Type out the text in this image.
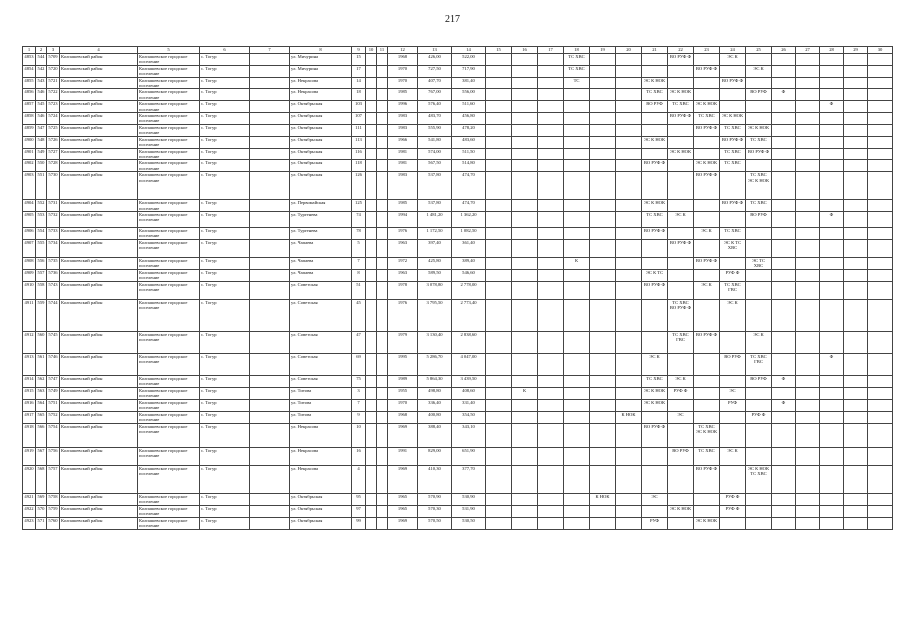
217
1	2	3	4	5	6	7	8	9	10	11	12	13	14	15	16	17	18	19	20	21	22	23	24	25	26	27	28	29	30
4853	544	5709	Колпашевский район	Колпашевское городское поселение	с. Тогур		ул. Мичурина	15			1968	426,00	522,00				ТС ХВС				ВО РУФ Ф		ЭС К						
4854	542	5720	Колпашевский район	Колпашевское городское поселение	с. Тогур		ул. Мичурина	17			1970	727,50	717,90				ТС ХВС					ВО РУФ Ф		ЭС К					
4855	543	5721	Колпашевский район	Колпашевское городское поселение	с. Тогур		ул. Некрасова	14			1970	407,70	381,40				ТС			ЭС К НОК			ВО РУФ Ф						
4856	546	5722	Колпашевский район	Колпашевское городское поселение	с. Тогур		ул. Некрасова	18			1985	767,00	556,00							ТС ХВС	ЭС К НОК			ВО РУФ	Ф				
4857	545	5723	Колпашевский район	Колпашевское городское поселение	с. Тогур		ул. Октябрьская	103			1996	576,40	511,60							ВО РУФ	ТС ХВС	ЭС К НОК					Ф		
4858	546	5724	Колпашевский район	Колпашевское городское поселение	с. Тогур		ул. Октябрьская	107			1983	483,70	456,80								ВО РУФ Ф	ТС ХВС	ЭС К НОК						
4859	547	5725	Колпашевский район	Колпашевское городское поселение	с. Тогур		ул. Октябрьская	111			1983	555,90	478,20									ВО РУФ Ф	ТС ХВС	ЭС К НОК					
4900	548	5726	Колпашевский район	Колпашевское городское поселение	с. Тогур		ул. Октябрьская	113			1966	541,80	483,60							ЭС К НОК			ВО РУФ Ф	ТС ХВС					
4901	549	5727	Колпашевский район	Колпашевское городское поселение	с. Тогур		ул. Октябрьская	116			1981	574,00	511,50								ЭС К НОК		ТС ХВС	ВО РУФ Ф					
4902	550	5728	Колпашевский район	Колпашевское городское поселение	с. Тогур		ул. Октябрьская	118			1981	567,50	514,80							ВО РУФ Ф		ЭС К НОК	ТС ХВС						
4903	551	5730	Колпашевский район	Колпашевское городское поселение	с. Тогур		ул. Октябрьская	126			1983	537,80	474,70									ВО РУФ Ф		ТС ХВС ЭС К НОК					
4904	552	5731	Колпашевский район	Колпашевское городское поселение	с. Тогур		ул. Первомайская	125			1985	537,80	474,70							ЭС К НОК			ВО РУФ Ф	ТС ХВС					
4905	553	5732	Колпашевский район	Колпашевское городское поселение	с. Тогур		ул. Тургенева	74			1994	1 481,20	1 362,20							ТС ХВС	ЭС К			ВО РУФ			Ф		
4906	554	5733	Колпашевский район	Колпашевское городское поселение	с. Тогур		ул. Тургенева	78			1976	1 172,50	1 082,50							ВО РУФ Ф		ЭС К	ТС ХВС						
4907	555	5734	Колпашевский район	Колпашевское городское поселение	с. Тогур		ул. Чапаева	5			1963	397,40	361,40								ВО РУФ Ф		ЭС К ТС ХВС						
4908	556	5735	Колпашевский район	Колпашевское городское поселение	с. Тогур		ул. Чапаева	7			1972	425,80	389,40				К					ВО РУФ Ф		ЭС ТС ХВС					
4909	557	5736	Колпашевский район	Колпашевское городское поселение	с. Тогур		ул. Чапаева	8			1963	589,50	546,60							ЭС К ТС			РУФ Ф						
4910	558	5743	Колпашевский район	Колпашевское городское поселение	с. Тогур		ул. Советская	51			1978	3 078,80	2 778,00							ВО РУФ Ф		ЭС К	ТС ХВС ГВС						
4911	559	5744	Колпашевский район	Колпашевское городское поселение	с. Тогур		ул. Советская	45			1976	3 795,50	2 773,40								ТС ХВС ВО РУФ Ф		ЭС К						
4912	560	5745	Колпашевский район	Колпашевское городское поселение	с. Тогур		ул. Советская	47			1979	3 130,40	2 838,60								ТС ХВС ГВС	ВО РУФ Ф		ЭС К					
4913	561	5746	Колпашевский район	Колпашевское городское поселение	с. Тогур		ул. Советская	69			1995	5 286,70	4 047,00							ЭС К			ВО РУФ	ТС ХВС ГВС			Ф		
4914	562	5747	Колпашевский район	Колпашевское городское поселение	с. Тогур		ул. Советская	75			1989	5 864,30	3 439,50							ТС ХВС	ЭС К			ВО РУФ	Ф				
4915	563	5749	Колпашевский район	Колпашевское городское поселение	с. Тогур		ул. Титова	3			1955	498,80	408,60		К					ЭС К НОК	РУФ Ф		ЭС						
4916	564	5751	Колпашевский район	Колпашевское городское поселение	с. Тогур		ул. Титова	7			1970	336,40	331,40							ЭС К НОК			РУФ		Ф				
4917	565	5752	Колпашевский район	Колпашевское городское поселение	с. Тогур		ул. Титова	9			1968	400,80	354,50						К НОК		ЭС			РУФ Ф					
4918	566	5754	Колпашевский район	Колпашевское городское поселение	с. Тогур		ул. Некрасова	10			1969	388,40	343,10							ВО РУФ Ф		ТС ХВС ЭС К НОК							
4919	567	5756	Колпашевский район	Колпашевское городское поселение	с. Тогур		ул. Некрасова	16			1991	829,00	651,90								ВО РУФ	ТС ХВС	ЭС К						
4920	568	5757	Колпашевский район	Колпашевское городское поселение	с. Тогур		ул. Некрасова	4			1969	410,30	377,70									ВО РУФ Ф		ЭС К НОК ТС ХВС					
4921	569	5758	Колпашевский район	Колпашевское городское поселение	с. Тогур		ул. Октябрьская	95			1965	570,90	530,90					К НОК		ЭС			РУФ Ф						
4922	570	5759	Колпашевский район	Колпашевское городское поселение	с. Тогур		ул. Октябрьская	97			1965	570,30	531,90								ЭС К НОК		РУФ Ф						
4923	571	5760	Колпашевский район	Колпашевское городское поселение	с. Тогур		ул. Октябрьская	99			1969	570,50	530,50							РУФ		ЭС К НОК							
